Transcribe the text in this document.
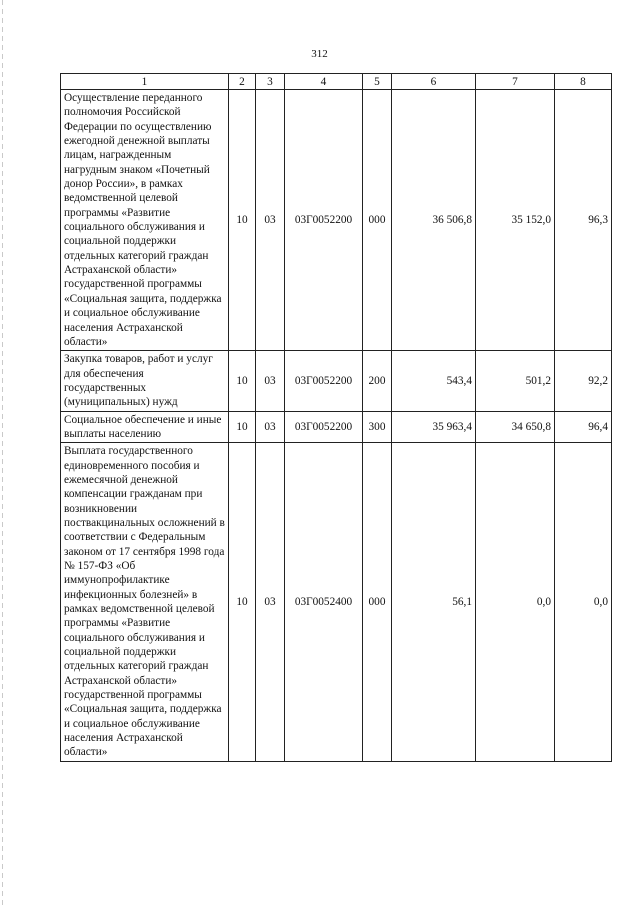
312
1	2	3	4	5	6	7	8
Осуществление переданного полномочия Российской Федерации по осуществлению ежегодной денежной выплаты лицам, награжденным нагрудным знаком «Почетный донор России», в рамках ведомственной целевой программы «Развитие социального обслуживания и социальной поддержки отдельных категорий граждан Астраханской области» государственной программы «Социальная защита, поддержка и социальное обслуживание населения Астраханской области»	10	03	03Г0052200	000	36 506,8	35 152,0	96,3
Закупка товаров, работ и услуг для обеспечения государственных (муниципальных) нужд	10	03	03Г0052200	200	543,4	501,2	92,2
Социальное обеспечение и иные выплаты населению	10	03	03Г0052200	300	35 963,4	34 650,8	96,4
Выплата государственного единовременного пособия и ежемесячной денежной компенсации гражданам при возникновении поствакцинальных осложнений в соответствии с Федеральным законом от 17 сентября 1998 года № 157-ФЗ «Об иммунопрофилактике инфекционных болезней» в рамках ведомственной целевой программы «Развитие социального обслуживания и социальной поддержки отдельных категорий граждан Астраханской области» государственной программы «Социальная защита, поддержка и социальное обслуживание населения Астраханской области»	10	03	03Г0052400	000	56,1	0,0	0,0
